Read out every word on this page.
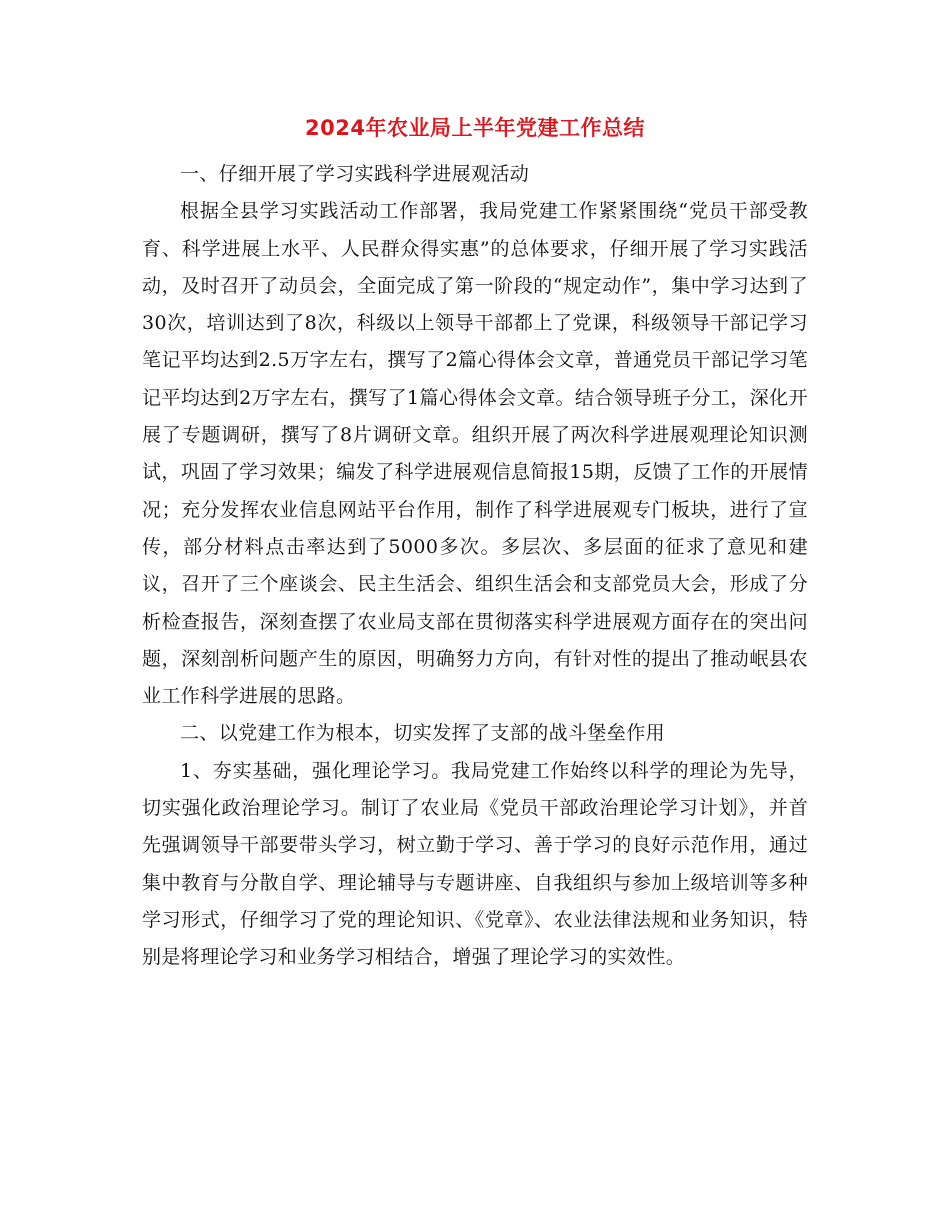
2024年农业局上半年党建工作总结

一、仔细开展了学习实践科学进展观活动

根据全县学习实践活动工作部署，我局党建工作紧紧围绕“党员干部受教育、科学进展上水平、人民群众得实惠”的总体要求，仔细开展了学习实践活动，及时召开了动员会，全面完成了第一阶段的“规定动作”，集中学习达到了30次，培训达到了8次，科级以上领导干部都上了党课，科级领导干部记学习笔记平均达到2.5万字左右，撰写了2篇心得体会文章，普通党员干部记学习笔记平均达到2万字左右，撰写了1篇心得体会文章。结合领导班子分工，深化开展了专题调研，撰写了8片调研文章。组织开展了两次科学进展观理论知识测试，巩固了学习效果；编发了科学进展观信息简报15期，反馈了工作的开展情况；充分发挥农业信息网站平台作用，制作了科学进展观专门板块，进行了宣传，部分材料点击率达到了5000多次。多层次、多层面的征求了意见和建议，召开了三个座谈会、民主生活会、组织生活会和支部党员大会，形成了分析检查报告，深刻查摆了农业局支部在贯彻落实科学进展观方面存在的突出问题，深刻剖析问题产生的原因，明确努力方向，有针对性的提出了推动岷县农业工作科学进展的思路。

二、以党建工作为根本，切实发挥了支部的战斗堡垒作用

1、夯实基础，强化理论学习。我局党建工作始终以科学的理论为先导，切实强化政治理论学习。制订了农业局《党员干部政治理论学习计划》，并首先强调领导干部要带头学习，树立勤于学习、善于学习的良好示范作用，通过集中教育与分散自学、理论辅导与专题讲座、自我组织与参加上级培训等多种学习形式，仔细学习了党的理论知识、《党章》、农业法律法规和业务知识，特别是将理论学习和业务学习相结合，增强了理论学习的实效性。
